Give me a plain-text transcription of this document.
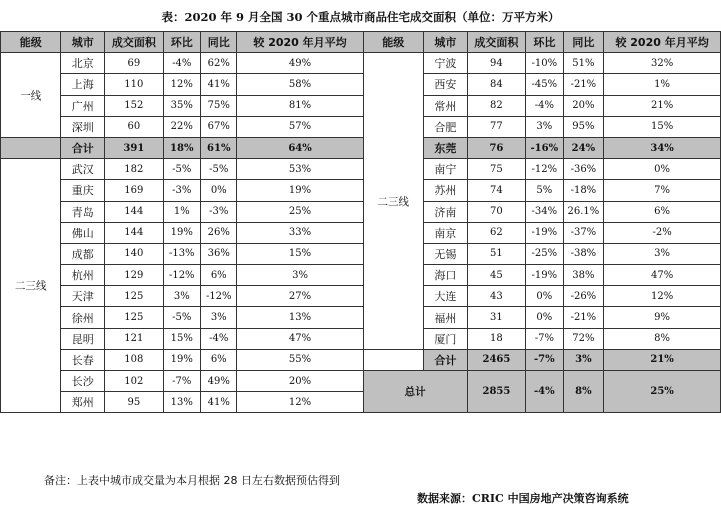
表：2020 年 9 月全国 30 个重点城市商品住宅成交面积（单位：万平方米）
能级	城市	成交面积	环比	同比	较 2020 年月平均	能级	城市	成交面积	环比	同比	较 2020 年月平均
一线	北京	69	-4%	62%	49%	二三线	宁波	94	-10%	51%	32%
	上海	110	12%	41%	58%		西安	84	-45%	-21%	1%
	广州	152	35%	75%	81%		常州	82	-4%	20%	21%
	深圳	60	22%	67%	57%		合肥	77	3%	95%	15%
	合计	391	18%	61%	64%		东莞	76	-16%	24%	34%
二三线	武汉	182	-5%	-5%	53%		南宁	75	-12%	-36%	0%
	重庆	169	-3%	0%	19%		苏州	74	5%	-18%	7%
	青岛	144	1%	-3%	25%		济南	70	-34%	26.1%	6%
	佛山	144	19%	26%	33%		南京	62	-19%	-37%	-2%
	成都	140	-13%	36%	15%		无锡	51	-25%	-38%	3%
	杭州	129	-12%	6%	3%		海口	45	-19%	38%	47%
	天津	125	3%	-12%	27%		大连	43	0%	-26%	12%
	徐州	125	-5%	3%	13%		福州	31	0%	-21%	9%
	昆明	121	15%	-4%	47%		厦门	18	-7%	72%	8%
	长春	108	19%	6%	55%		合计	2465	-7%	3%	21%
	长沙	102	-7%	49%	20%	总计		2855	-4%	8%	25%
	郑州	95	13%	41%	12%						
备注：上表中城市成交量为本月根据 28 日左右数据预估得到
数据来源：CRIC 中国房地产决策咨询系统
